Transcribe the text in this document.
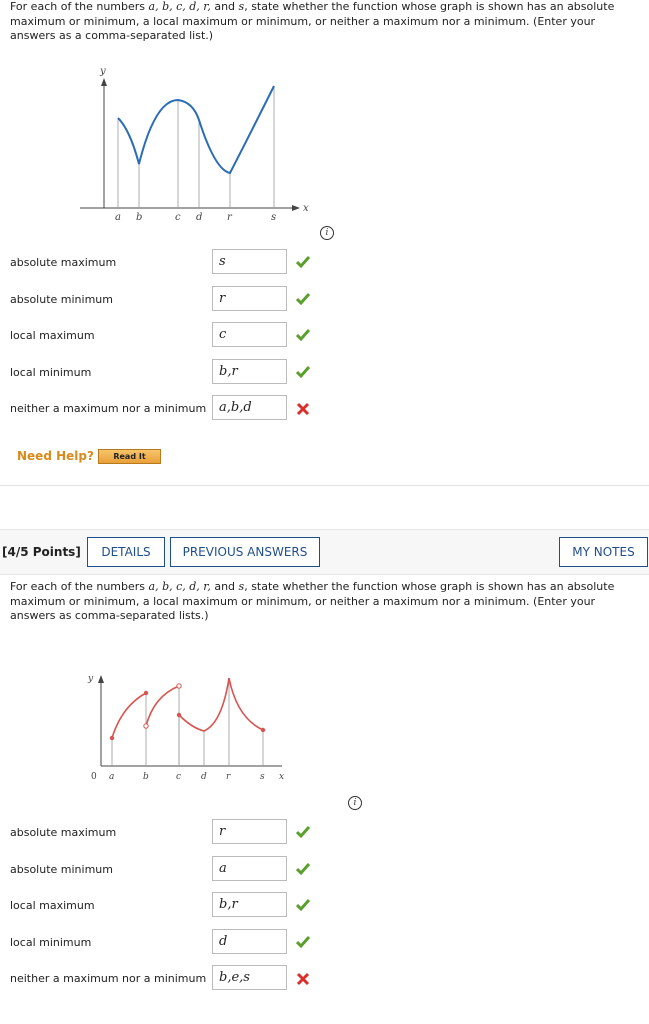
For each of the numbers a, b, c, d, r, and s, state whether the function whose graph is shown has an absolute maximum or minimum, a local maximum or minimum, or neither a maximum nor a minimum. (Enter your answers as a comma-separated list.)
y
x
a b	c d r	s
i
absolute maximum	s
absolute minimum	r
local maximum	c
local minimum	b,r
neither a maximum nor a minimum a,b,d
Need Help?	Read It
[4/5 Points]	DETAILS	PREVIOUS ANSWERS	MY NOTES
For each of the numbers a, b, c, d, r, and s, state whether the function whose graph is shown has an absolute maximum or minimum, a local maximum or minimum, or neither a maximum nor a minimum. (Enter your answers as comma-separated lists.)
y
0 a	b	c d r	s x
i
absolute maximum	r
absolute minimum	a
local maximum	b,r
local minimum	d
neither a maximum nor a minimum b,e,s
